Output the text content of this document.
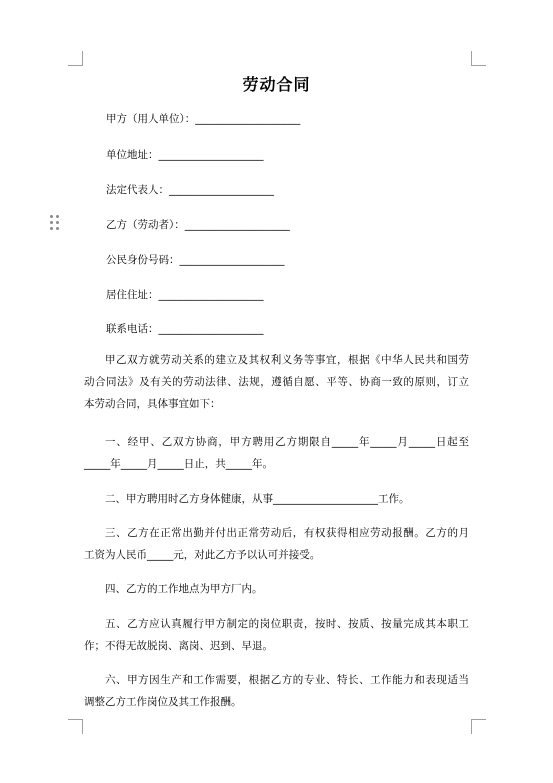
劳动合同
甲方（用人单位）：____________________
单位地址：____________________
法定代表人：____________________
乙方（劳动者）：____________________
公民身份号码：____________________
居住住址：____________________
联系电话：____________________
甲乙双方就劳动关系的建立及其权利义务等事宜，根据《中华人民共和国劳
动合同法》及有关的劳动法律、法规，遵循自愿、平等、协商一致的原则，订立
本劳动合同，具体事宜如下：
一、经甲、乙双方协商，甲方聘用乙方期限自_____年_____月_____日起至
_____年_____月_____日止，共_____年。
二、甲方聘用时乙方身体健康，从事____________________工作。
三、乙方在正常出勤并付出正常劳动后，有权获得相应劳动报酬。乙方的月
工资为人民币_____元，对此乙方予以认可并接受。
四、乙方的工作地点为甲方厂内。
五、乙方应认真履行甲方制定的岗位职责，按时、按质、按量完成其本职工
作；不得无故脱岗、离岗、迟到、早退。
六、甲方因生产和工作需要，根据乙方的专业、特长、工作能力和表现适当
调整乙方工作岗位及其工作报酬。
